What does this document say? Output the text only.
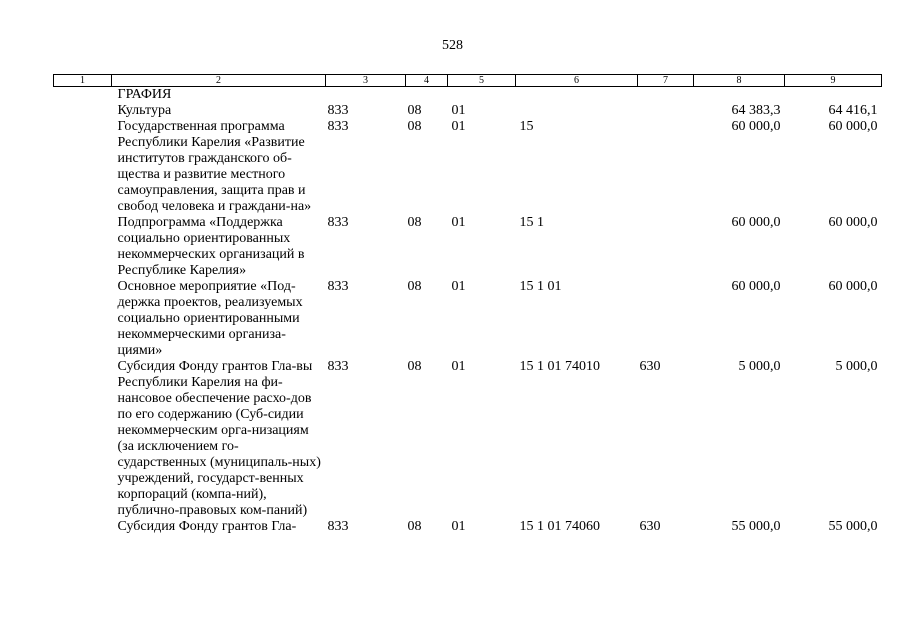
528
1	2	3	4	5	6	7	8	9
	ГРАФИЯ							
	Культура	833	08	01			64 383,3	64 416,1
	Государственная программа Республики Карелия «Развитие институтов гражданского об-щества и развитие местного самоуправления, защита прав и свобод человека и граждани-на»	833	08	01	15		60 000,0	60 000,0
	Подпрограмма «Поддержка социально ориентированных некоммерческих организаций в Республике Карелия»	833	08	01	15 1		60 000,0	60 000,0
	Основное мероприятие «Под-держка проектов, реализуемых социально ориентированными некоммерческими организа-циями»	833	08	01	15 1 01		60 000,0	60 000,0
	Субсидия Фонду грантов Гла-вы Республики Карелия на фи-нансовое обеспечение расхо-дов по его содержанию (Суб-сидии некоммерческим орга-низациям (за исключением го-сударственных (муниципаль-ных) учреждений, государст-венных корпораций (компа-ний), публично-правовых ком-паний)	833	08	01	15 1 01 74010	630	5 000,0	5 000,0
	Субсидия Фонду грантов Гла-	833	08	01	15 1 01 74060	630	55 000,0	55 000,0
